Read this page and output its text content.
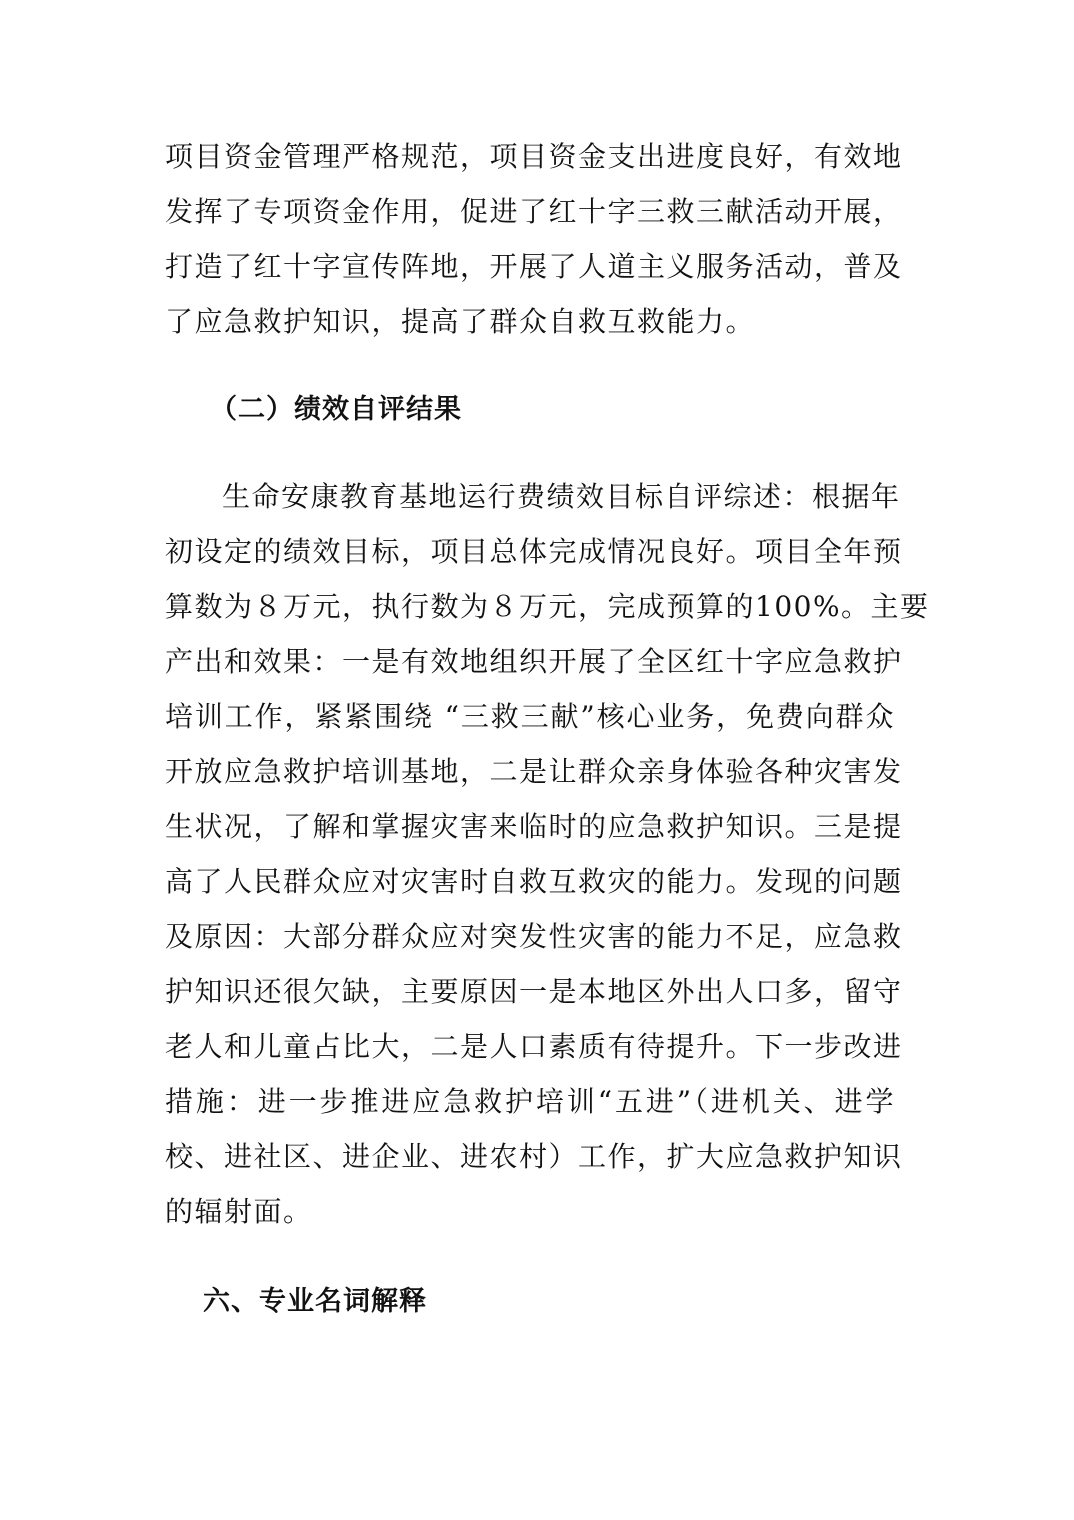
项目资金管理严格规范，项目资金支出进度良好，有效地
发挥了专项资金作用，促进了红十字三救三献活动开展，
打造了红十字宣传阵地，开展了人道主义服务活动，普及
了应急救护知识，提高了群众自救互救能力。
（二）绩效自评结果
生命安康教育基地运行费绩效目标自评综述：根据年
初设定的绩效目标，项目总体完成情况良好。项目全年预
算数为８万元，执行数为８万元，完成预算的100%。主要
产出和效果：一是有效地组织开展了全区红十字应急救护
培训工作，紧紧围绕 “三救三献”核心业务，免费向群众
开放应急救护培训基地，二是让群众亲身体验各种灾害发
生状况，了解和掌握灾害来临时的应急救护知识。三是提
高了人民群众应对灾害时自救互救灾的能力。发现的问题
及原因：大部分群众应对突发性灾害的能力不足，应急救
护知识还很欠缺，主要原因一是本地区外出人口多，留守
老人和儿童占比大，二是人口素质有待提升。下一步改进
措施：进一步推进应急救护培训“五进”（进机关、进学
校、进社区、进企业、进农村）工作，扩大应急救护知识
的辐射面。
六、专业名词解释
